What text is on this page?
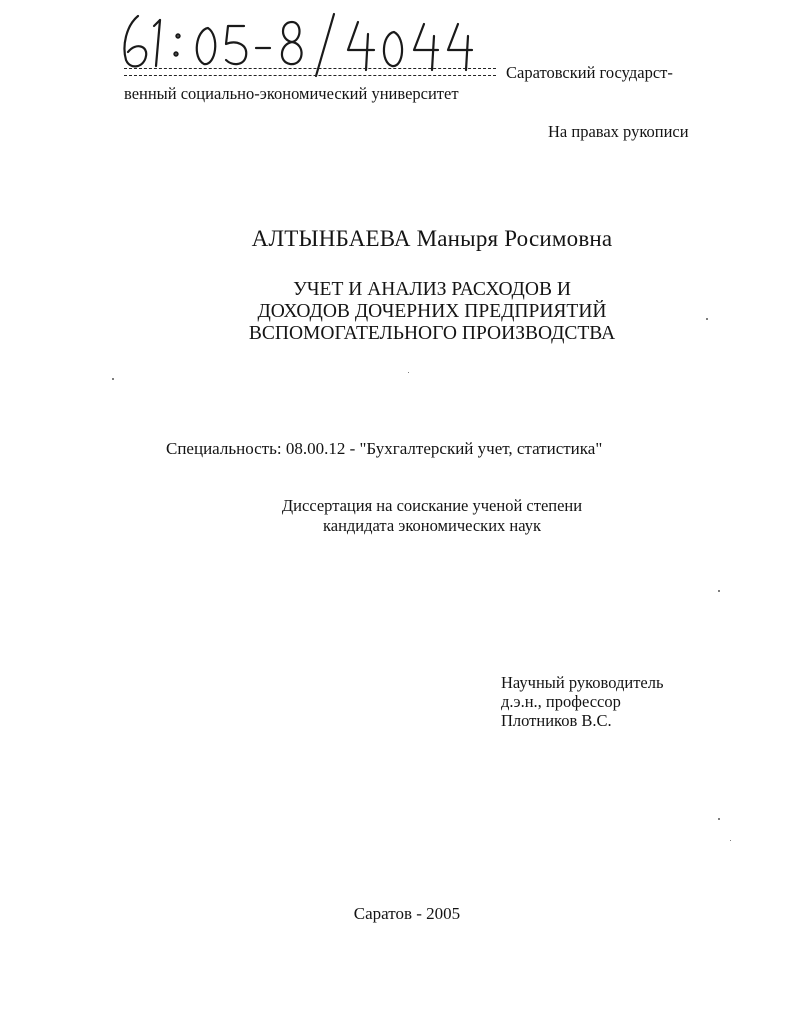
Саратовский государст-
венный социально-экономический университет
На правах рукописи
АЛТЫНБАЕВА Маныря Росимовна
УЧЕТ И АНАЛИЗ РАСХОДОВ И
ДОХОДОВ ДОЧЕРНИХ ПРЕДПРИЯТИЙ
ВСПОМОГАТЕЛЬНОГО ПРОИЗВОДСТВА
Специальность: 08.00.12 - "Бухгалтерский учет, статистика"
Диссертация на соискание ученой степени
кандидата экономических наук
Научный руководитель
д.э.н., профессор
Плотников В.С.
Саратов - 2005
